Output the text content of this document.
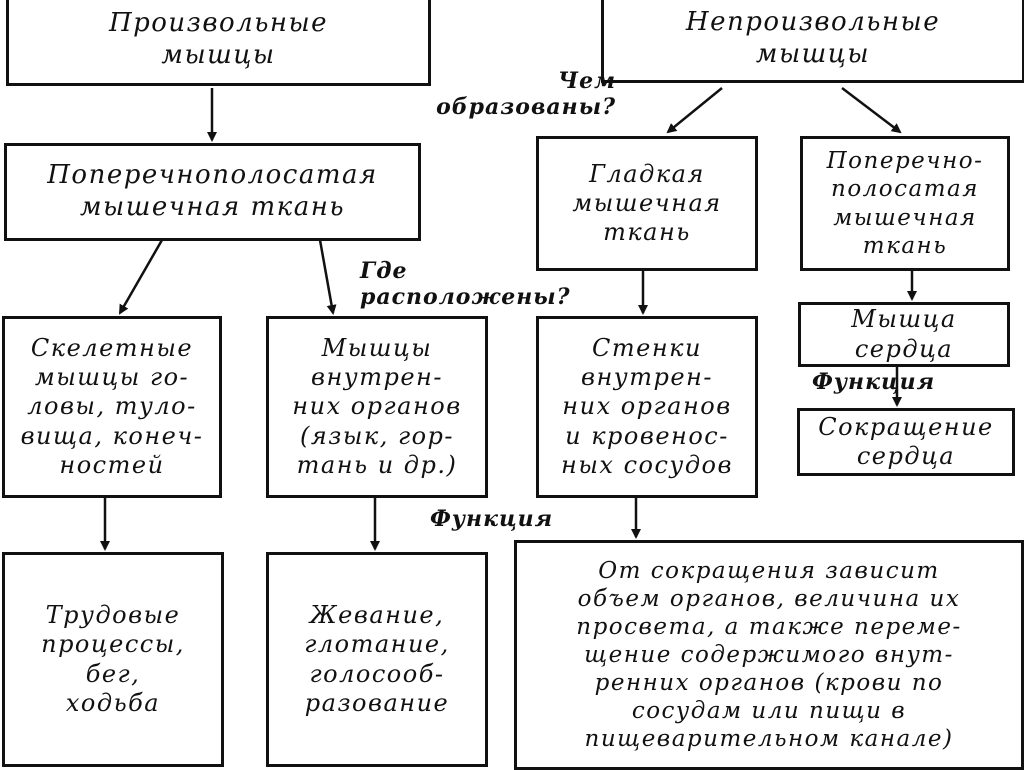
Произвольные
мышцы
Непроизвольные
мышцы
Поперечнополосатая
мышечная ткань
Гладкая
мышечная
ткань
Поперечно-
полосатая
мышечная
ткань
Скелетные
мышцы го-
ловы, туло-
вища, конеч-
ностей
Мышцы
внутрен-
них органов
(язык, гор-
тань и др.)
Стенки
внутрен-
них органов
и кровенос-
ных сосудов
Мышца
сердца
Сокращение
сердца
Трудовые
процессы,
бег,
ходьба
Жевание,
глотание,
голосооб-
разование
От сокращения зависит
объем органов, величина их
просвета, а также переме-
щение содержимого внут-
ренних органов (крови по
сосудам или пищи в
пищеварительном канале)
Чем
образованы?
Где
расположены?
Функция
Функция
